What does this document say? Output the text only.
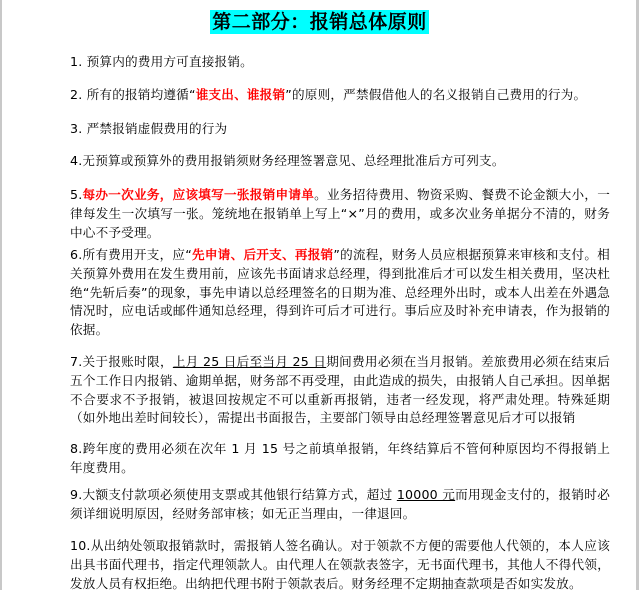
第二部分：报销总体原则
1. 预算内的费用方可直接报销。
2. 所有的报销均遵循“谁支出、谁报销”的原则，严禁假借他人的名义报销自己费用的行为。
3. 严禁报销虚假费用的行为
4.无预算或预算外的费用报销须财务经理签署意见、总经理批准后方可列支。
5.每办一次业务，应该填写一张报销申请单。业务招待费用、物资采购、餐费不论金额大小，一律每发生一次填写一张。笼统地在报销单上写上“×”月的费用，或多次业务单据分不清的，财务中心不予受理。
6.所有费用开支，应“先申请、后开支、再报销”的流程，财务人员应根据预算来审核和支付。相关预算外费用在发生费用前，应该先书面请求总经理，得到批准后才可以发生相关费用，坚决杜绝“先斩后奏”的现象，事先申请以总经理签名的日期为准、总经理外出时，或本人出差在外遇急情况时，应电话或邮件通知总经理，得到许可后才可进行。事后应及时补充申请表，作为报销的依据。
7.关于报账时限，上月 25 日后至当月 25 日期间费用必须在当月报销。差旅费用必须在结束后五个工作日内报销、逾期单据，财务部不再受理，由此造成的损失，由报销人自己承担。因单据不合要求不予报销，被退回按规定不可以重新再报销，违者一经发现，将严肃处理。特殊延期（如外地出差时间较长），需提出书面报告，主要部门领导由总经理签署意见后才可以报销
8.跨年度的费用必须在次年 1 月 15 号之前填单报销，年终结算后不管何种原因均不得报销上年度费用。
9.大额支付款项必须使用支票或其他银行结算方式，超过 10000 元而用现金支付的，报销时必须详细说明原因，经财务部审核；如无正当理由，一律退回。
10.从出纳处领取报销款时，需报销人签名确认。对于领款不方便的需要他人代领的，本人应该出具书面代理书，指定代理领款人。由代理人在领款表签字，无书面代理书，其他人不得代领，发放人员有权拒绝。出纳把代理书附于领款表后。财务经理不定期抽查款项是否如实发放。
